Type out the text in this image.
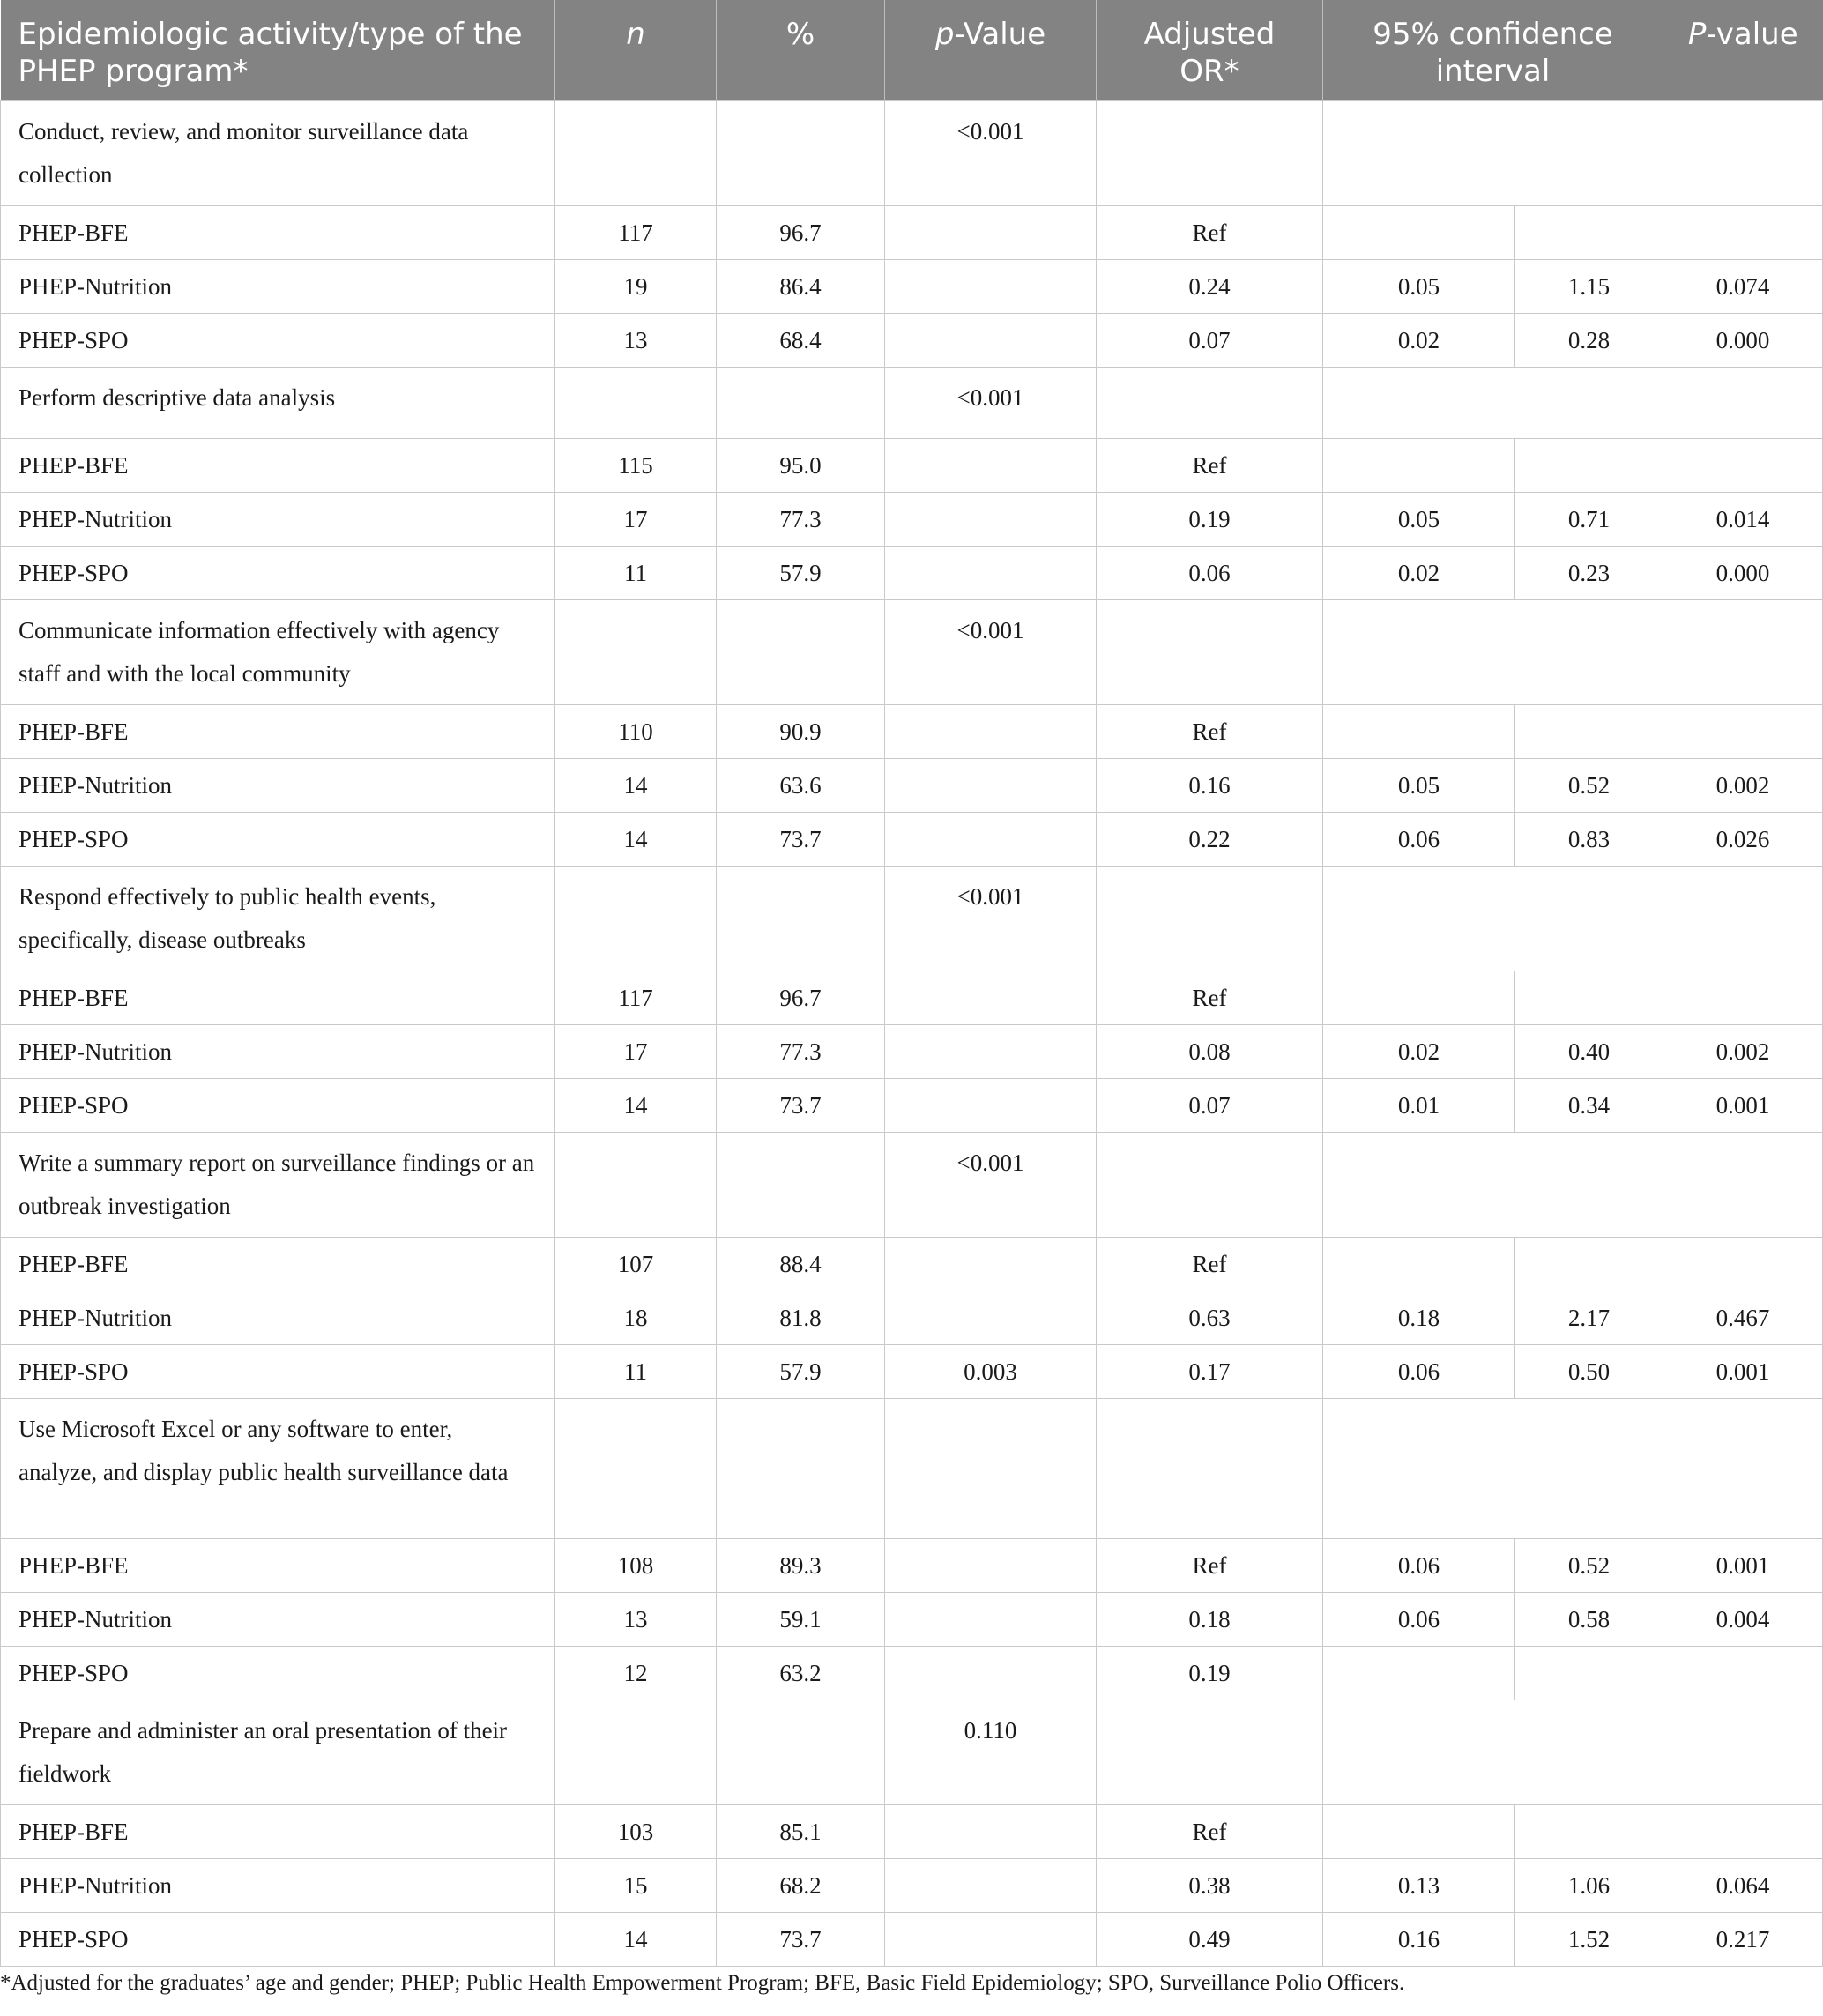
Epidemiologic activity/type of the PHEP program*	n	%	p-Value	Adjusted OR*	95% confidence interval		P-value
Conduct, review, and monitor surveillance data collection			<0.001				
PHEP-BFE	117	96.7		Ref			
PHEP-Nutrition	19	86.4		0.24	0.05	1.15	0.074
PHEP-SPO	13	68.4		0.07	0.02	0.28	0.000
Perform descriptive data analysis			<0.001				
PHEP-BFE	115	95.0		Ref			
PHEP-Nutrition	17	77.3		0.19	0.05	0.71	0.014
PHEP-SPO	11	57.9		0.06	0.02	0.23	0.000
Communicate information effectively with agency staff and with the local community			<0.001				
PHEP-BFE	110	90.9		Ref			
PHEP-Nutrition	14	63.6		0.16	0.05	0.52	0.002
PHEP-SPO	14	73.7		0.22	0.06	0.83	0.026
Respond effectively to public health events, specifically, disease outbreaks			<0.001				
PHEP-BFE	117	96.7		Ref			
PHEP-Nutrition	17	77.3		0.08	0.02	0.40	0.002
PHEP-SPO	14	73.7		0.07	0.01	0.34	0.001
Write a summary report on surveillance findings or an outbreak investigation			<0.001				
PHEP-BFE	107	88.4		Ref			
PHEP-Nutrition	18	81.8		0.63	0.18	2.17	0.467
PHEP-SPO	11	57.9	0.003	0.17	0.06	0.50	0.001
Use Microsoft Excel or any software to enter, analyze, and display public health surveillance data							
PHEP-BFE	108	89.3		Ref	0.06	0.52	0.001
PHEP-Nutrition	13	59.1		0.18	0.06	0.58	0.004
PHEP-SPO	12	63.2		0.19			
Prepare and administer an oral presentation of their fieldwork			0.110				
PHEP-BFE	103	85.1		Ref			
PHEP-Nutrition	15	68.2		0.38	0.13	1.06	0.064
PHEP-SPO	14	73.7		0.49	0.16	1.52	0.217
*Adjusted for the graduates’ age and gender; PHEP; Public Health Empowerment Program; BFE, Basic Field Epidemiology; SPO, Surveillance Polio Officers.
